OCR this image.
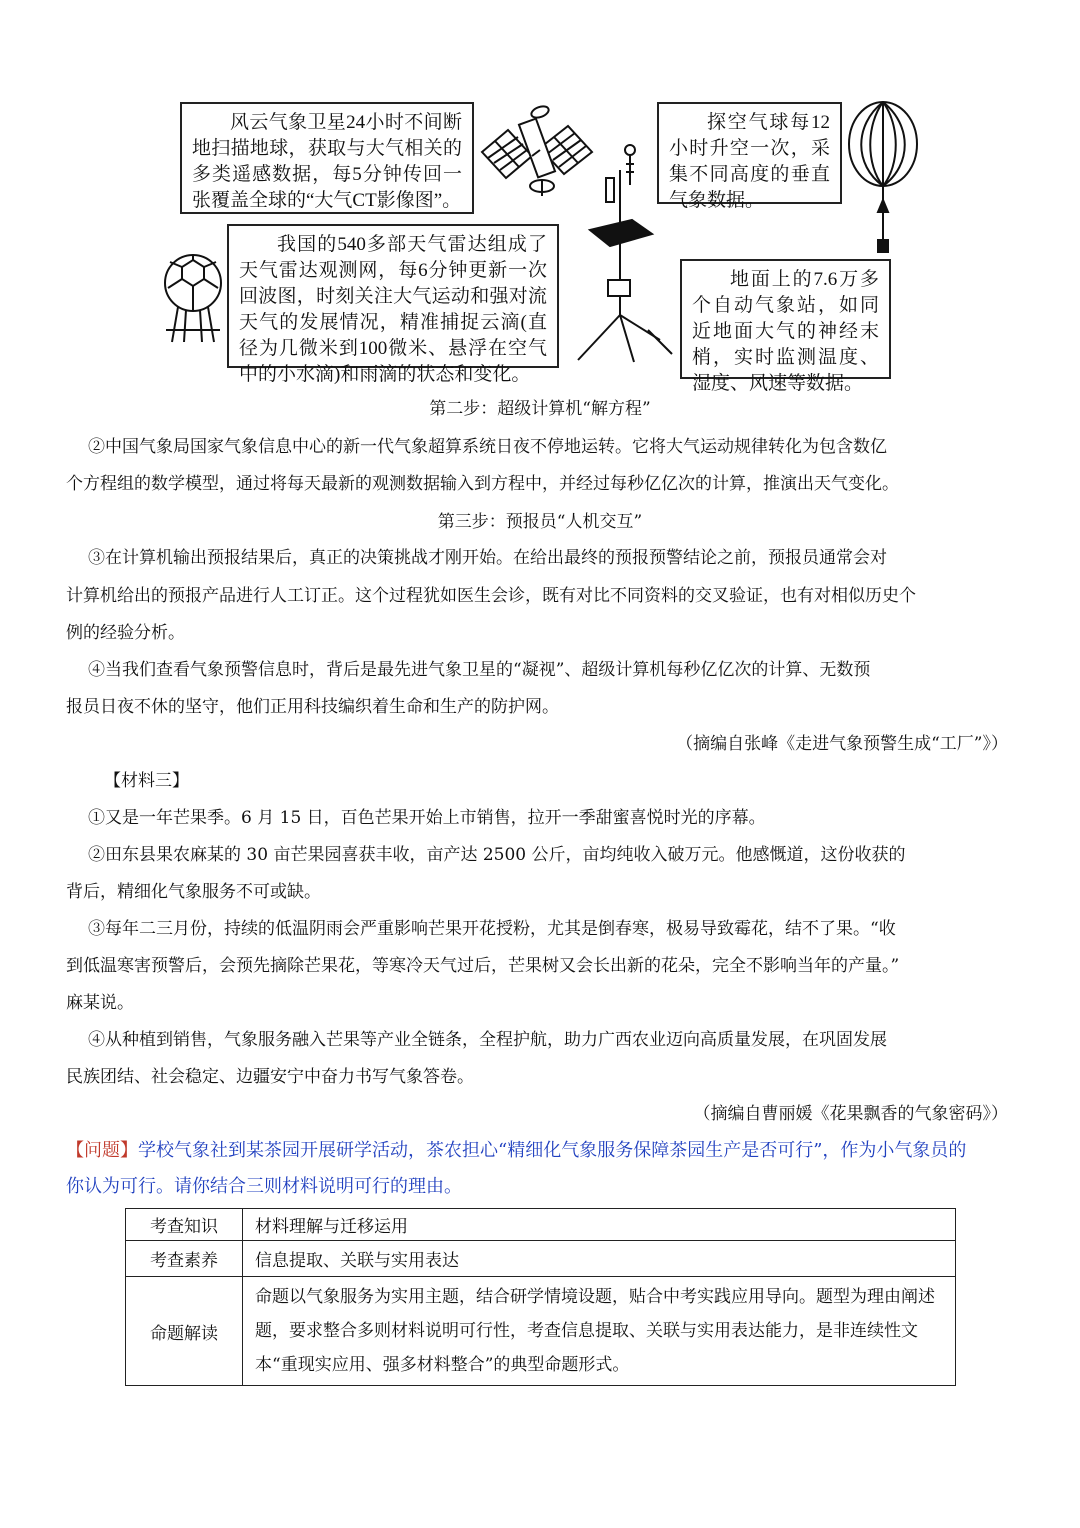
风云气象卫星24小时不间断地扫描地球，获取与大气相关的多类遥感数据，每5分钟传回一张覆盖全球的“大气CT影像图”。
探空气球每12小时升空一次，采集不同高度的垂直气象数据。
我国的540多部天气雷达组成了天气雷达观测网，每6分钟更新一次回波图，时刻关注大气运动和强对流天气的发展情况，精准捕捉云滴(直径为几微米到100微米、悬浮在空气中的小水滴)和雨滴的状态和变化。
地面上的7.6万多个自动气象站，如同近地面大气的神经末梢，实时监测温度、湿度、风速等数据。
第二步：超级计算机“解方程”
②中国气象局国家气象信息中心的新一代气象超算系统日夜不停地运转。它将大气运动规律转化为包含数亿
个方程组的数学模型，通过将每天最新的观测数据输入到方程中，并经过每秒亿亿次的计算，推演出天气变化。
第三步：预报员“人机交互”
③在计算机输出预报结果后，真正的决策挑战才刚开始。在给出最终的预报预警结论之前，预报员通常会对
计算机给出的预报产品进行人工订正。这个过程犹如医生会诊，既有对比不同资料的交叉验证，也有对相似历史个
例的经验分析。
④当我们查看气象预警信息时，背后是最先进气象卫星的“凝视”、超级计算机每秒亿亿次的计算、无数预
报员日夜不休的坚守，他们正用科技编织着生命和生产的防护网。
（摘编自张峰《走进气象预警生成“工厂”》）
【材料三】
①又是一年芒果季。6 月 15 日，百色芒果开始上市销售，拉开一季甜蜜喜悦时光的序幕。
②田东县果农麻某的 30 亩芒果园喜获丰收，亩产达 2500 公斤，亩均纯收入破万元。他感慨道，这份收获的
背后，精细化气象服务不可或缺。
③每年二三月份，持续的低温阴雨会严重影响芒果开花授粉，尤其是倒春寒，极易导致霉花，结不了果。“收
到低温寒害预警后，会预先摘除芒果花，等寒冷天气过后，芒果树又会长出新的花朵，完全不影响当年的产量。”
麻某说。
④从种植到销售，气象服务融入芒果等产业全链条，全程护航，助力广西农业迈向高质量发展，在巩固发展
民族团结、社会稳定、边疆安宁中奋力书写气象答卷。
（摘编自曹丽媛《花果飘香的气象密码》）
【问题】学校气象社到某茶园开展研学活动，茶农担心“精细化气象服务保障茶园生产是否可行”，作为小气象员的
你认为可行。请你结合三则材料说明可行的理由。
考查知识	材料理解与迁移运用
考查素养	信息提取、关联与实用表达
命题解读	命题以气象服务为实用主题，结合研学情境设题，贴合中考实践应用导向。题型为理由阐述题，要求整合多则材料说明可行性，考查信息提取、关联与实用表达能力，是非连续性文本“重现实应用、强多材料整合”的典型命题形式。
